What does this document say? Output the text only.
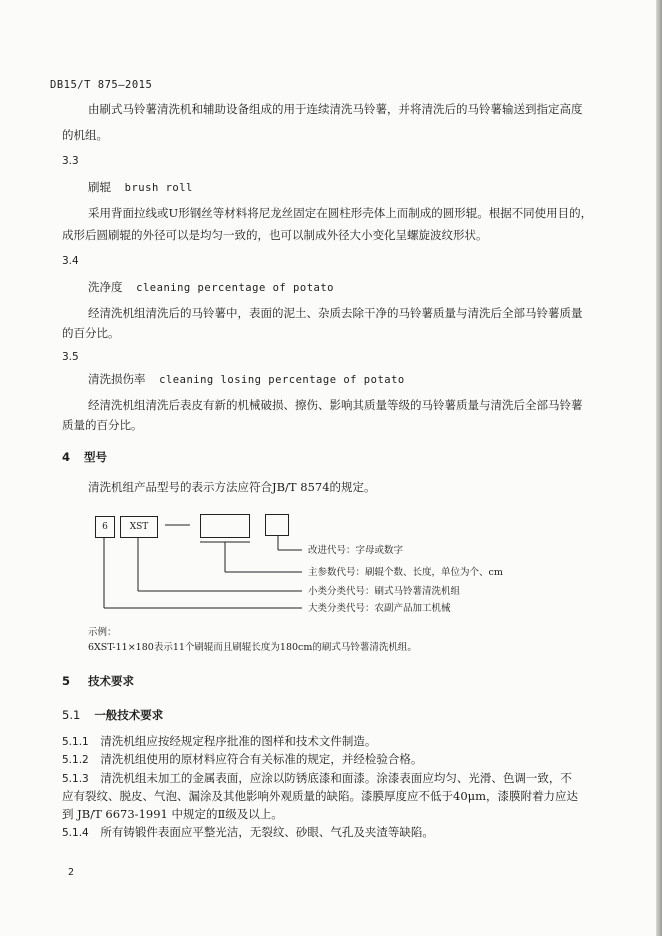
DB15/T 875—2015
由刷式马铃薯清洗机和辅助设备组成的用于连续清洗马铃薯，并将清洗后的马铃薯输送到指定高度
的机组。
3.3
刷辊 brush roll
采用背面拉线或U形钢丝等材料将尼龙丝固定在圆柱形壳体上而制成的圆形辊。根据不同使用目的，
成形后圆刷辊的外径可以是均匀一致的，也可以制成外径大小变化呈螺旋波纹形状。
3.4
洗净度 cleaning percentage of potato
经清洗机组清洗后的马铃薯中，表面的泥土、杂质去除干净的马铃薯质量与清洗后全部马铃薯质量
的百分比。
3.5
清洗损伤率 cleaning losing percentage of potato
经清洗机组清洗后表皮有新的机械破损、擦伤、影响其质量等级的马铃薯质量与清洗后全部马铃薯
质量的百分比。
4 型号
清洗机组产品型号的表示方法应符合JB/T 8574的规定。
6	XST
改进代号：字母或数字
主参数代号：刷辊个数、长度，单位为个、cm
小类分类代号：刷式马铃薯清洗机组
大类分类代号：农副产品加工机械
示例：
6XST-11×180表示11个刷辊而且刷辊长度为180cm的刷式马铃薯清洗机组。
5 技术要求
5.1 一般技术要求
5.1.1 清洗机组应按经规定程序批准的图样和技术文件制造。
5.1.2 清洗机组使用的原材料应符合有关标准的规定，并经检验合格。
5.1.3 清洗机组未加工的金属表面，应涂以防锈底漆和面漆。涂漆表面应均匀、光滑、色调一致，不
应有裂纹、脱皮、气泡、漏涂及其他影响外观质量的缺陷。漆膜厚度应不低于40μm，漆膜附着力应达
到 JB/T 6673-1991 中规定的Ⅱ级及以上。
5.1.4 所有铸锻件表面应平整光洁，无裂纹、砂眼、气孔及夹渣等缺陷。
2
